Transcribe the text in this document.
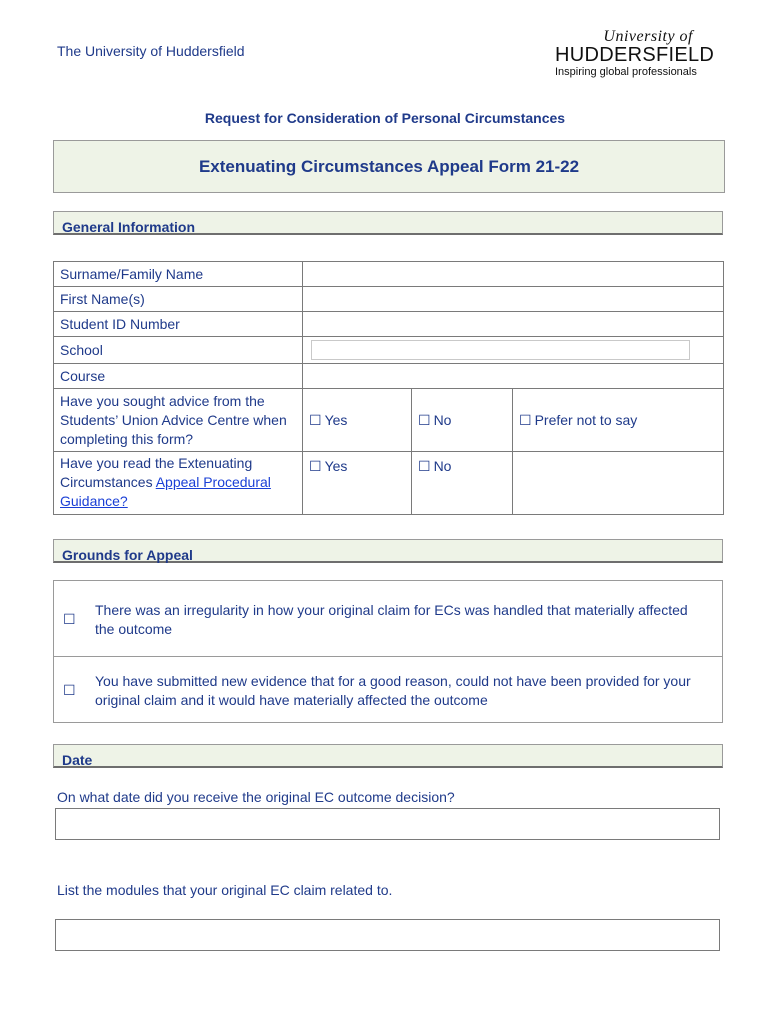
The University of Huddersfield
University of
HUDDERSFIELD
Inspiring global professionals
Request for Consideration of Personal Circumstances
Extenuating Circumstances Appeal Form 21-22
General Information
Surname/Family Name			
First Name(s)			
Student ID Number			
School			

Course			
Have you sought advice from the Students’ Union Advice Centre when completing this form?	☐ Yes	☐ No	☐ Prefer not to say
Have you read the Extenuating Circumstances Appeal Procedural Guidance?	☐ Yes	☐ No	
Grounds for Appeal
☐
There was an irregularity in how your original claim for ECs was handled that materially affected the outcome
☐
You have submitted new evidence that for a good reason, could not have been provided for your original claim and it would have materially affected the outcome
Date
On what date did you receive the original EC outcome decision?
List the modules that your original EC claim related to.
